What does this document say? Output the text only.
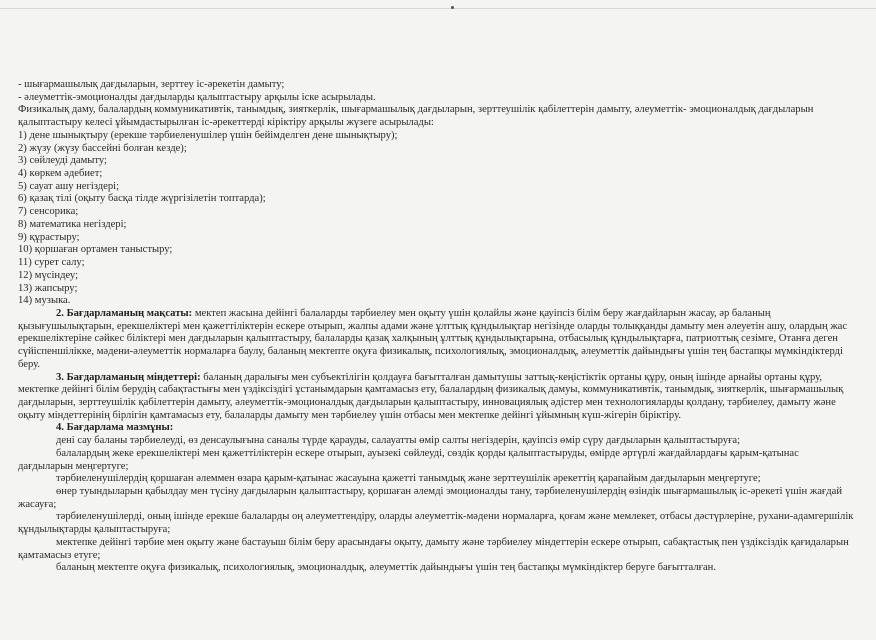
- шығармашылық дағдыларын, зерттеу іс-әрекетін дамыту;
- әлеуметтік-эмоционалды дағдыларды қалыптастыру арқылы іске асырылады.
Физикалық даму, балалардың коммуникативтік, танымдық, зияткерлік, шығармашылық дағдыларын, зерттеушілік қабілеттерін дамыту, әлеуметтік- эмоционалдық дағдыларын қалыптастыру келесі ұйымдастырылған іс-әрекеттерді кіріктіру арқылы жүзеге асырылады:
1) дене шынықтыру (ерекше тәрбиеленушілер үшін бейімделген дене шынықтыру);
2) жүзу (жүзу бассейні болған кезде);
3) сөйлеуді дамыту;
4) көркем әдебиет;
5) сауат ашу негіздері;
6) қазақ тілі (оқыту басқа тілде жүргізілетін топтарда);
7) сенсорика;
8) математика негіздері;
9) құрастыру;
10) қоршаған ортамен таныстыру;
11) сурет салу;
12) мүсіндеу;
13) жапсыру;
14) музыка.
2. Бағдарламаның мақсаты: мектеп жасына дейінгі балаларды тәрбиелеу мен оқыту үшін қолайлы және қауіпсіз білім беру жағдайларын жасау, әр баланың қызығушылықтарын, ерекшеліктері мен қажеттіліктерін ескере отырып, жалпы адами және ұлттық құндылықтар негізінде оларды толыққанды дамыту мен әлеуетін ашу, олардың жас ерекшеліктеріне сәйкес біліктері мен дағдыларын қалыптастыру, балаларды қазақ халқының ұлттық құндылықтарына, отбасылық құндылықтарға, патриоттық сезімге, Отанға деген сүйіспеншілікке, мәдени-әлеуметтік нормаларға баулу, баланың мектепте оқуға физикалық, психологиялық, эмоционалдық, әлеуметтік дайындығы үшін тең бастапқы мүмкіндіктерді беру.
3. Бағдарламаның міндеттері: баланың даралығы мен субъектілігін қолдауға бағытталған дамытушы заттық-кеңістіктік ортаны құру, оның ішінде арнайы ортаны құру, мектепке дейінгі білім берудің сабақтастығы мен үздіксіздігі ұстанымдарын қамтамасыз ету, балалардың физикалық дамуы, коммуникативтік, танымдық, зияткерлік, шығармашылық дағдыларын, зерттеушілік қабілеттерін дамыту, әлеуметтік-эмоционалдық дағдыларын қалыптастыру, инновациялық әдістер мен технологияларды қолдану, тәрбиелеу, дамыту және оқыту міндеттерінің бірлігін қамтамасыз ету, балаларды дамыту мен тәрбиелеу үшін отбасы мен мектепке дейінгі ұйымның күш-жігерін біріктіру.
4. Бағдарлама мазмұны:
дені сау баланы тәрбиелеуді, өз денсаулығына саналы түрде қарауды, салауатты өмір салты негіздерін, қауіпсіз өмір сүру дағдыларын қалыптастыруға;
балалардың жеке ерекшеліктері мен қажеттіліктерін ескере отырып, ауызекі сөйлеуді, сөздік қорды қалыптастыруды, өмірде әртүрлі жағдайлардағы қарым-қатынас дағдыларын меңгертуге;
тәрбиеленушілердің қоршаған әлеммен өзара қарым-қатынас жасауына қажетті танымдық және зерттеушілік әрекеттің қарапайым дағдыларын меңгертуге;
өнер туындыларын қабылдау мен түсіну дағдыларын қалыптастыру, қоршаған әлемді эмоционалды тану, тәрбиеленушілердің өзіндік шығармашылық іс-әрекеті үшін жағдай жасауға;
тәрбиеленушілерді, оның ішінде ерекше балаларды оң әлеуметтендіру, оларды әлеуметтік-мәдени нормаларға, қоғам және мемлекет, отбасы дәстүрлеріне, рухани-адамгершілік құндылықтарды қалыптастыруға;
мектепке дейінгі тәрбие мен оқыту және бастауыш білім беру арасындағы оқыту, дамыту және тәрбиелеу міндеттерін ескере отырып, сабақтастық пен үздіксіздік қағидаларын қамтамасыз етуге;
баланың мектепте оқуға физикалық, психологиялық, эмоционалдық, әлеуметтік дайындығы үшін тең бастапқы мүмкіндіктер беруге бағытталған.
